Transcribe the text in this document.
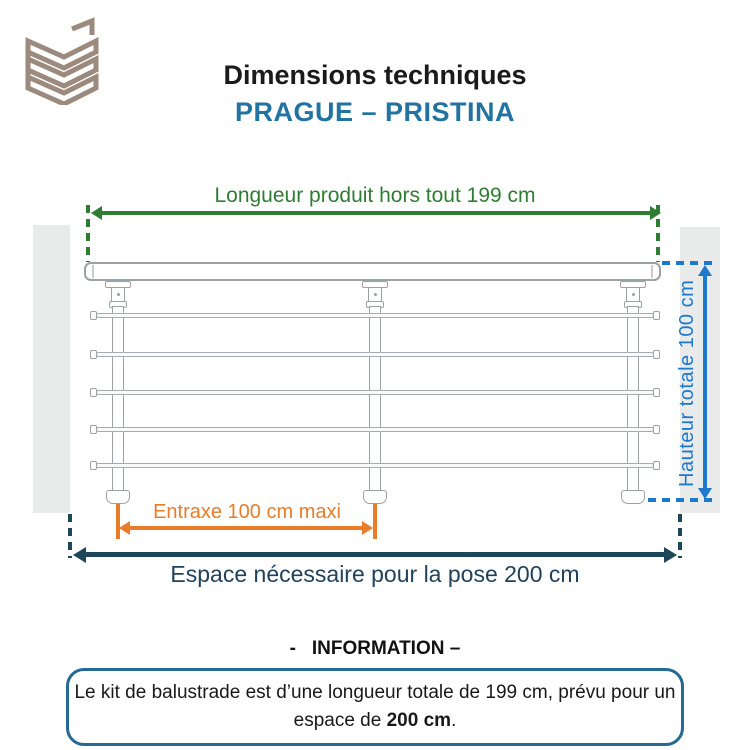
Dimensions techniques
PRAGUE – PRISTINA
Longueur produit hors tout 199 cm
Hauteur totale 100 cm
Entraxe 100 cm maxi
Espace nécessaire pour la pose 200 cm
-   INFORMATION –
Le kit de balustrade est d’une longueur totale de 199 cm, prévu pour un
espace de 200 cm.
